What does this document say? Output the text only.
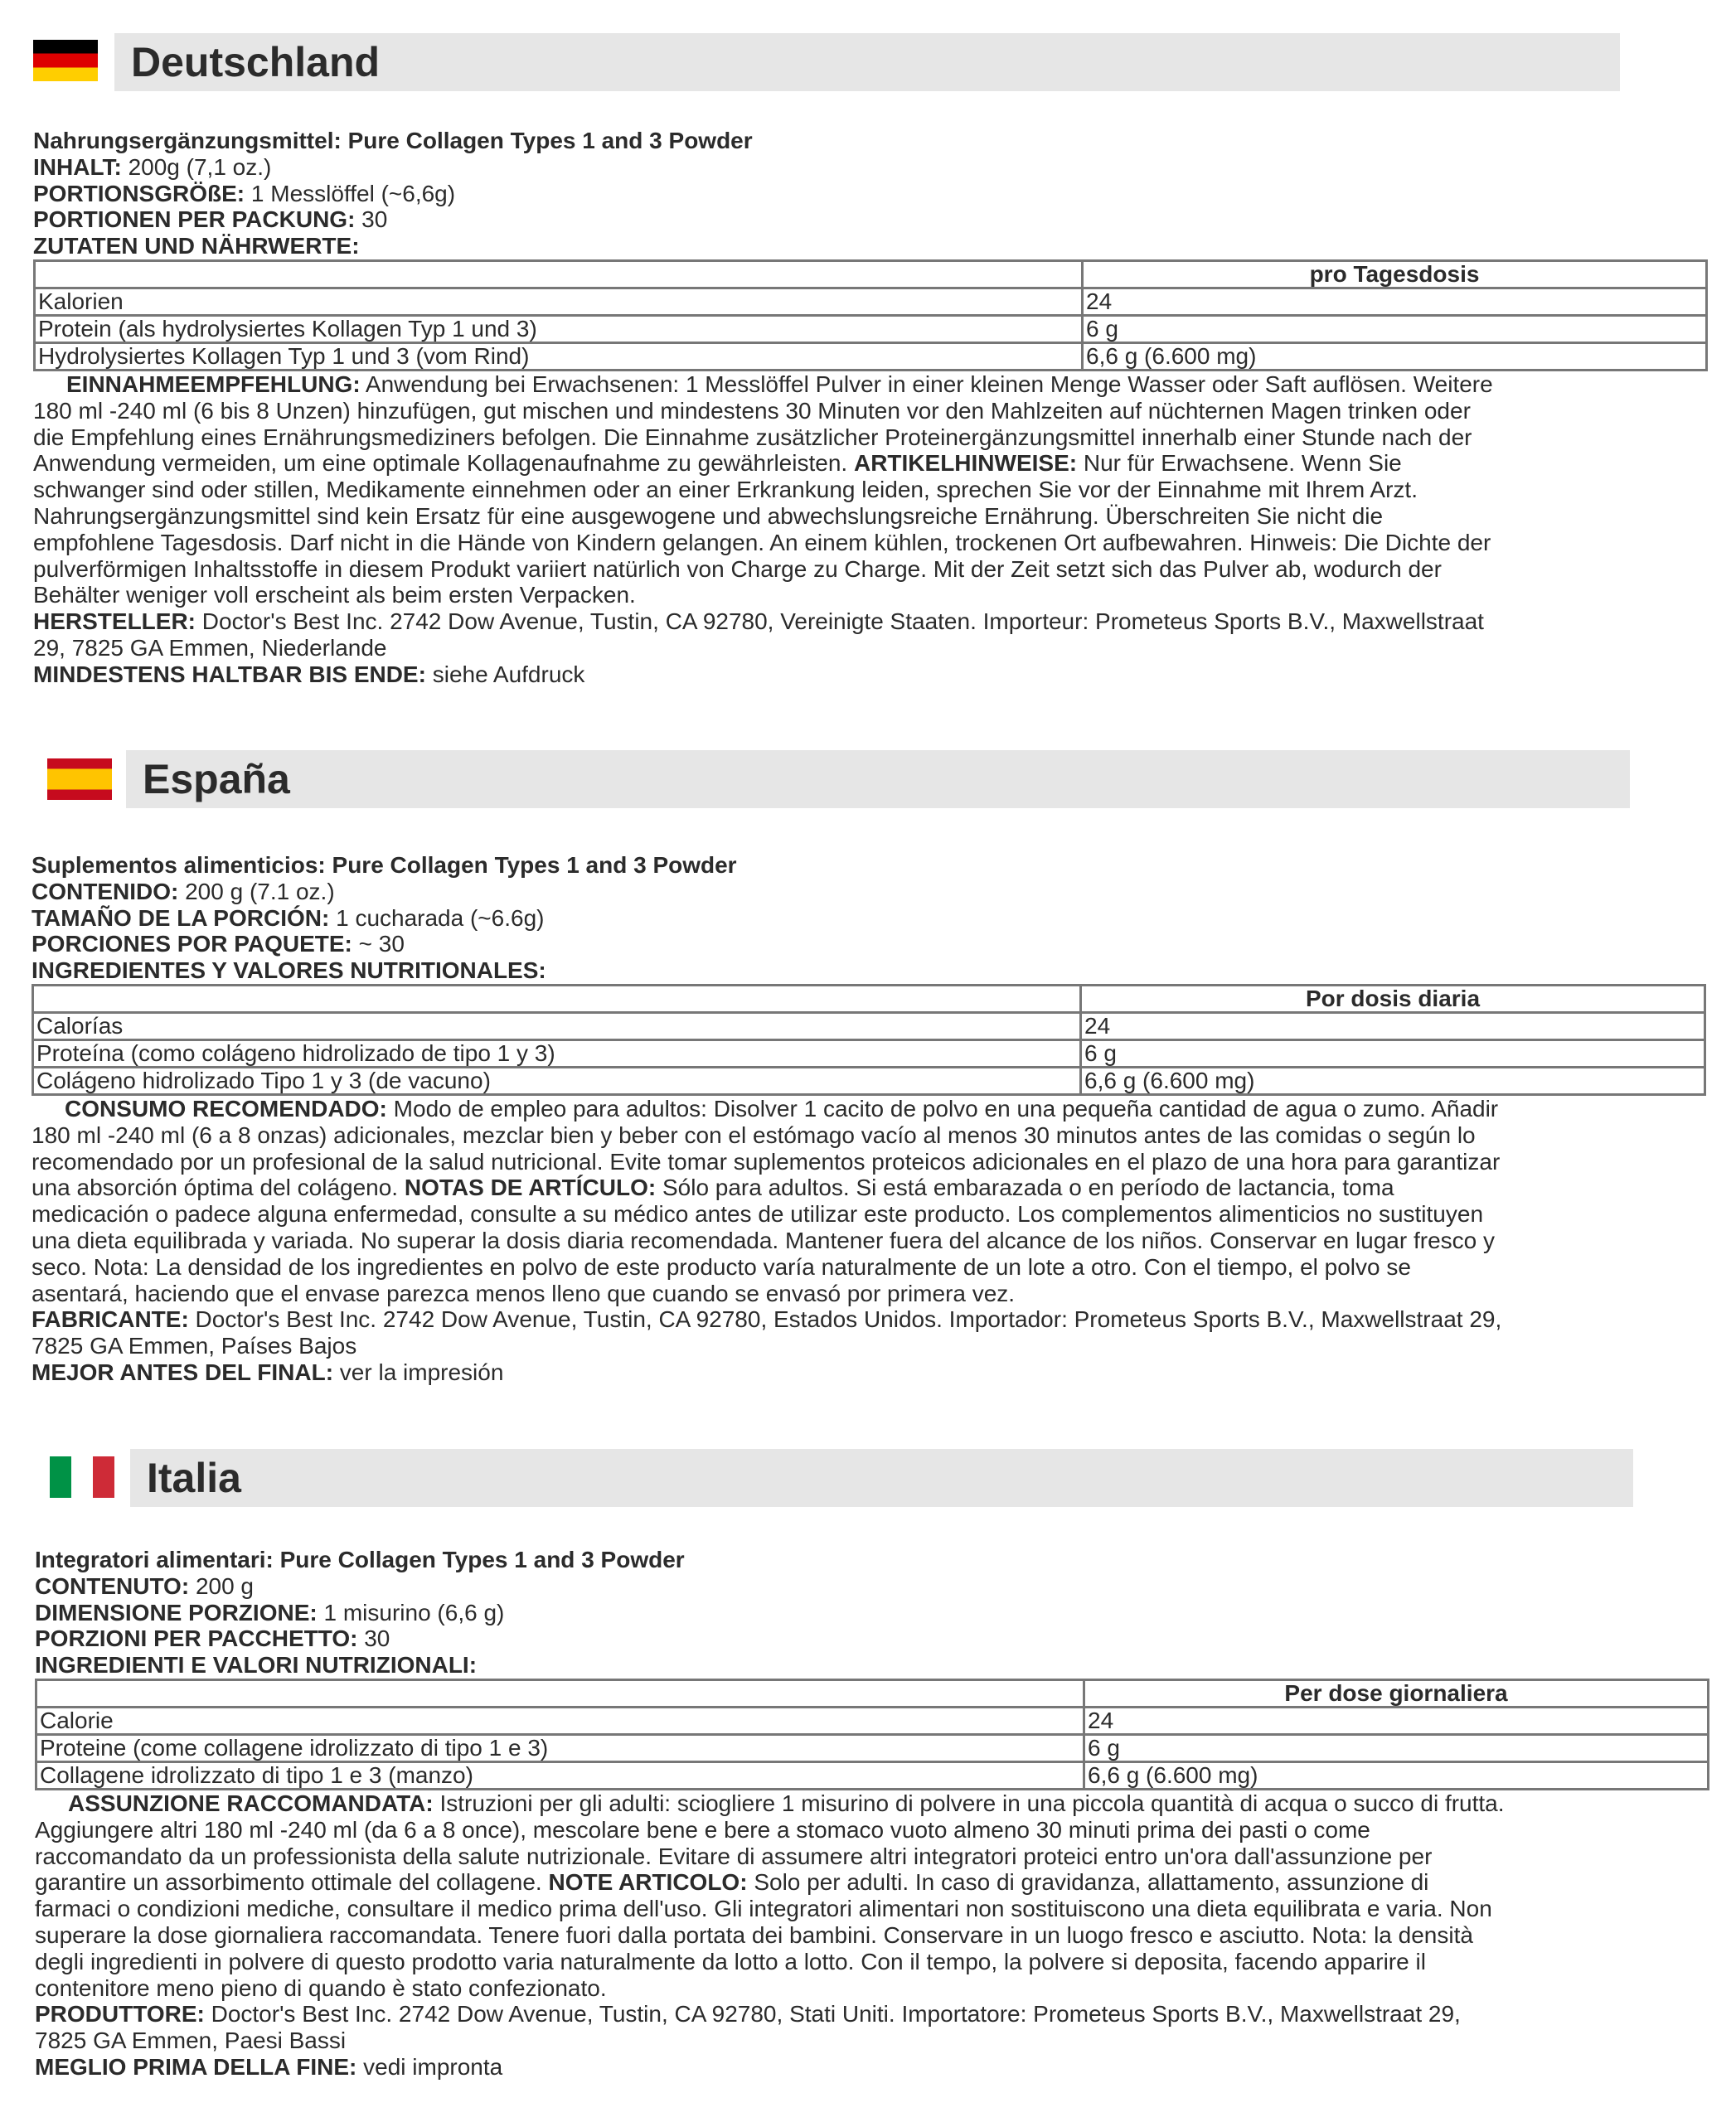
Deutschland
Nahrungsergänzungsmittel: Pure Collagen Types 1 and 3 Powder
INHALT: 200g (7,1 oz.)
PORTIONSGRÖßE: 1 Messlöffel (~6,6g)
PORTIONEN PER PACKUNG: 30
ZUTATEN UND NÄHRWERTE:
	pro Tagesdosis
Kalorien	24
Protein (als hydrolysiertes Kollagen Typ 1 und 3)	6 g
Hydrolysiertes Kollagen Typ 1 und 3 (vom Rind)	6,6 g (6.600 mg)
EINNAHMEEMPFEHLUNG: Anwendung bei Erwachsenen: 1 Messlöffel Pulver in einer kleinen Menge Wasser oder Saft auflösen. Weitere
180 ml -240 ml (6 bis 8 Unzen) hinzufügen, gut mischen und mindestens 30 Minuten vor den Mahlzeiten auf nüchternen Magen trinken oder
die Empfehlung eines Ernährungsmediziners befolgen. Die Einnahme zusätzlicher Proteinergänzungsmittel innerhalb einer Stunde nach der
Anwendung vermeiden, um eine optimale Kollagenaufnahme zu gewährleisten. ARTIKELHINWEISE: Nur für Erwachsene. Wenn Sie
schwanger sind oder stillen, Medikamente einnehmen oder an einer Erkrankung leiden, sprechen Sie vor der Einnahme mit Ihrem Arzt.
Nahrungsergänzungsmittel sind kein Ersatz für eine ausgewogene und abwechslungsreiche Ernährung. Überschreiten Sie nicht die
empfohlene Tagesdosis. Darf nicht in die Hände von Kindern gelangen. An einem kühlen, trockenen Ort aufbewahren. Hinweis: Die Dichte der
pulverförmigen Inhaltsstoffe in diesem Produkt variiert natürlich von Charge zu Charge. Mit der Zeit setzt sich das Pulver ab, wodurch der
Behälter weniger voll erscheint als beim ersten Verpacken.
HERSTELLER: Doctor's Best Inc. 2742 Dow Avenue, Tustin, CA 92780, Vereinigte Staaten. Importeur: Prometeus Sports B.V., Maxwellstraat
29, 7825 GA Emmen, Niederlande
MINDESTENS HALTBAR BIS ENDE: siehe Aufdruck
España
Suplementos alimenticios: Pure Collagen Types 1 and 3 Powder
CONTENIDO: 200 g (7.1 oz.)
TAMAÑO DE LA PORCIÓN: 1 cucharada (~6.6g)
PORCIONES POR PAQUETE: ~ 30
INGREDIENTES Y VALORES NUTRITIONALES:
	Por dosis diaria
Calorías	24
Proteína (como colágeno hidrolizado de tipo 1 y 3)	6 g
Colágeno hidrolizado Tipo 1 y 3 (de vacuno)	6,6 g (6.600 mg)
CONSUMO RECOMENDADO: Modo de empleo para adultos: Disolver 1 cacito de polvo en una pequeña cantidad de agua o zumo. Añadir
180 ml -240 ml (6 a 8 onzas) adicionales, mezclar bien y beber con el estómago vacío al menos 30 minutos antes de las comidas o según lo
recomendado por un profesional de la salud nutricional. Evite tomar suplementos proteicos adicionales en el plazo de una hora para garantizar
una absorción óptima del colágeno. NOTAS DE ARTÍCULO: Sólo para adultos. Si está embarazada o en período de lactancia, toma
medicación o padece alguna enfermedad, consulte a su médico antes de utilizar este producto. Los complementos alimenticios no sustituyen
una dieta equilibrada y variada. No superar la dosis diaria recomendada. Mantener fuera del alcance de los niños. Conservar en lugar fresco y
seco. Nota: La densidad de los ingredientes en polvo de este producto varía naturalmente de un lote a otro. Con el tiempo, el polvo se
asentará, haciendo que el envase parezca menos lleno que cuando se envasó por primera vez.
FABRICANTE: Doctor's Best Inc. 2742 Dow Avenue, Tustin, CA 92780, Estados Unidos. Importador: Prometeus Sports B.V., Maxwellstraat 29,
7825 GA Emmen, Países Bajos
MEJOR ANTES DEL FINAL: ver la impresión
Italia
Integratori alimentari: Pure Collagen Types 1 and 3 Powder
CONTENUTO: 200 g
DIMENSIONE PORZIONE: 1 misurino (6,6 g)
PORZIONI PER PACCHETTO: 30
INGREDIENTI E VALORI NUTRIZIONALI:
	Per dose giornaliera
Calorie	24
Proteine (come collagene idrolizzato di tipo 1 e 3)	6 g
Collagene idrolizzato di tipo 1 e 3 (manzo)	6,6 g (6.600 mg)
ASSUNZIONE RACCOMANDATA: Istruzioni per gli adulti: sciogliere 1 misurino di polvere in una piccola quantità di acqua o succo di frutta.
Aggiungere altri 180 ml -240 ml (da 6 a 8 once), mescolare bene e bere a stomaco vuoto almeno 30 minuti prima dei pasti o come
raccomandato da un professionista della salute nutrizionale. Evitare di assumere altri integratori proteici entro un'ora dall'assunzione per
garantire un assorbimento ottimale del collagene. NOTE ARTICOLO: Solo per adulti. In caso di gravidanza, allattamento, assunzione di
farmaci o condizioni mediche, consultare il medico prima dell'uso. Gli integratori alimentari non sostituiscono una dieta equilibrata e varia. Non
superare la dose giornaliera raccomandata. Tenere fuori dalla portata dei bambini. Conservare in un luogo fresco e asciutto. Nota: la densità
degli ingredienti in polvere di questo prodotto varia naturalmente da lotto a lotto. Con il tempo, la polvere si deposita, facendo apparire il
contenitore meno pieno di quando è stato confezionato.
PRODUTTORE: Doctor's Best Inc. 2742 Dow Avenue, Tustin, CA 92780, Stati Uniti. Importatore: Prometeus Sports B.V., Maxwellstraat 29,
7825 GA Emmen, Paesi Bassi
MEGLIO PRIMA DELLA FINE: vedi impronta
